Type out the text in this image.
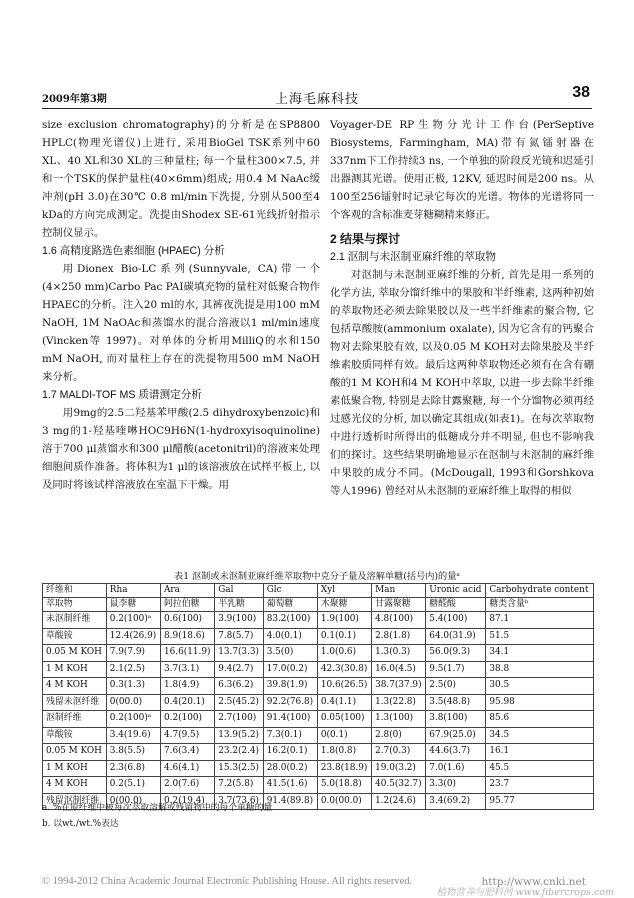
2009年第3期	上海毛麻科技	38

size exclusion chromatography)的分析是在SP8800 HPLC(物理光谱仪)上进行, 采用BioGel TSK系列中60 XL、40 XL和30 XL的三种量柱; 每一个量柱300×7.5, 并和一个TSK的保护量柱(40×6mm)组成; 用0.4 M NaAc缓冲剂(pH 3.0)在30℃ 0.8 ml/min下洗提, 分别从500至4 kDa的方向完成测定。洗提由Shodex SE-61光线折射指示控制仪显示。

1.6 高精度路选色素细胞 (HPAEC) 分析

用Dionex Bio-LC系列(Sunnyvale, CA)带一个(4×250 mm)Carbo Pac PAI碳填充物的量柱对低聚合物作HPAEC的分析。注入20 ml的水, 其裤夜洗提是用100 mM NaOH, 1M NaOAc和蒸馏水的混合溶液以1 ml/min速度(Vincken等 1997)。对单体的分析用MilliQ的水和150 mM NaOH, 而对量柱上存在的洗提物用500 mM NaOH来分析。

1.7 MALDI-TOF MS 质谱测定分析

用9mg的2.5二羟基苯甲酸(2.5 dihydroxybenzoic)和3 mg的1-羟基喹啉HOC9H6N(1-hydroxyisoquinoline)溶于700 μl蒸馏水和300 μl醋酸(acetonitril)的溶液来处理细胞间质作准备。将体积为1 μl的该溶液放在试样平板上, 以及同时将该试样溶液放在室温下干燥。用

Voyager-DE RP生物分光计工作台(PerSeptive Biosystems, Farmingham, MA)带有氮镭射器在337nm下工作持续3 ns, 一个单独的阶段反光镜和迟延引出器测其光谱。使用正极, 12KV, 延迟时间是200 ns。从100至256镭射时记录它每次的光谱。物体的光谱将同一个客观的含标准麦芽糖糊精来修正。

2 结果与探讨

2.1 沤制与未沤制亚麻纤维的萃取物

对沤制与未沤制亚麻纤维的分析, 首先是用一系列的化学方法, 萃取分馏纤维中的果胶和半纤维素, 这两种初始的萃取物还必须去除果胶以及一些半纤维素的聚合物, 它包括草酸胺(ammonium oxalate), 因为它含有的钙聚合物对去除果胶有效, 以及0.05 M KOH对去除果胶及半纤维素胶质同样有效。最后这两种萃取物还必须有在含有硼酸的1 M KOH和4 M KOH中萃取, 以进一步去除半纤维素低聚合物, 特别是去除甘露聚糖, 每一个分馏物必须再经过感光仪的分析, 加以确定其组成(如表1)。在每次萃取物中进行透析时所得出的低糖成分并不明显, 但也不影响我们的探讨。这些结果明确地显示在沤制与未沤制的麻纤维中果胶的成分不同。(McDougall, 1993和Gorshkova等人1996) 曾经对从未沤制的亚麻纤维上取得的相似

表1 沤制或未沤制亚麻纤维萃取物中克分子量及溶解单糖(括号内)的量ᵃ
纤维和	Rha	Ara	Gal	Glc	Xyl	Man	Uronic acid	Carbohydrate content
萃取物	鼠李糖	阿拉伯糖	半乳糖	葡萄糖	木聚糖	甘露聚糖	糖醛酸	糖类含量ᵇ
未沤制纤维	0.2(100)ᵃ	0.6(100)	3.9(100)	83.2(100)	1.9(100)	4.8(100)	5.4(100)	87.1
草酸铵	12.4(26.9)	8.9(18.6)	7.8(5.7)	4.0(0.1)	0.1(0.1)	2.8(1.8)	64.0(31.9)	51.5
0.05 M KOH	7.9(7.9)	16.6(11.9)	13.7(3.3)	3.5(0)	1.0(0.6)	1.3(0.3)	56.0(9.3)	34.1
1 M KOH	2.1(2.5)	3.7(3.1)	9.4(2.7)	17.0(0.2)	42.3(30.8)	16.0(4.5)	9.5(1.7)	38.8
4 M KOH	0.3(1.3)	1.8(4.9)	6.3(6.2)	39.8(1.9)	10.6(26.5)	38.7(37.9)	2.5(0)	30.5
残留未沤纤维	0(00.0)	0.4(20.1)	2.5(45.2)	92.2(76.8)	0.4(1.1)	1.3(22.8)	3.5(48.8)	95.98
沤制纤维	0.2(100)ᵃ	0.2(100)	2.7(100)	91.4(100)	0.05(100)	1.3(100)	3.8(100)	85.6
草酸铵	3.4(19.6)	4.7(9.5)	13.9(5.2)	7.3(0.1)	0(0.1)	2.8(0)	67.9(25.0)	34.5
0.05 M KOH	3.8(5.5)	7.6(3.4)	23.2(2.4)	16.2(0.1)	1.8(0.8)	2.7(0.3)	44.6(3.7)	16.1
1 M KOH	2.3(6.8)	4.6(4.1)	15.3(2.5)	28.0(0.2)	23.8(18.9)	19.0(3.2)	7.0(1.6)	45.5
4 M KOH	0.2(5.1)	2.0(7.6)	7.2(5.8)	41.5(1.6)	5.0(18.8)	40.5(32.7)	3.3(0)	23.7
残留沤制纤维	0(00.0)	0.2(19.4)	3.7(73.6)	91.4(89.8)	0.0(00.0)	1.2(24.6)	3.4(69.2)	95.77
a. %在原纤维中被每次萃取溶解或残留物中的每个单糖的量
b. 以wt./wt.%表达
© 1994-2012 China Academic Journal Electronic Publishing House. All rights reserved.	http://www.cnki.net
植物营养与肥料网 www.fibercrops.com
